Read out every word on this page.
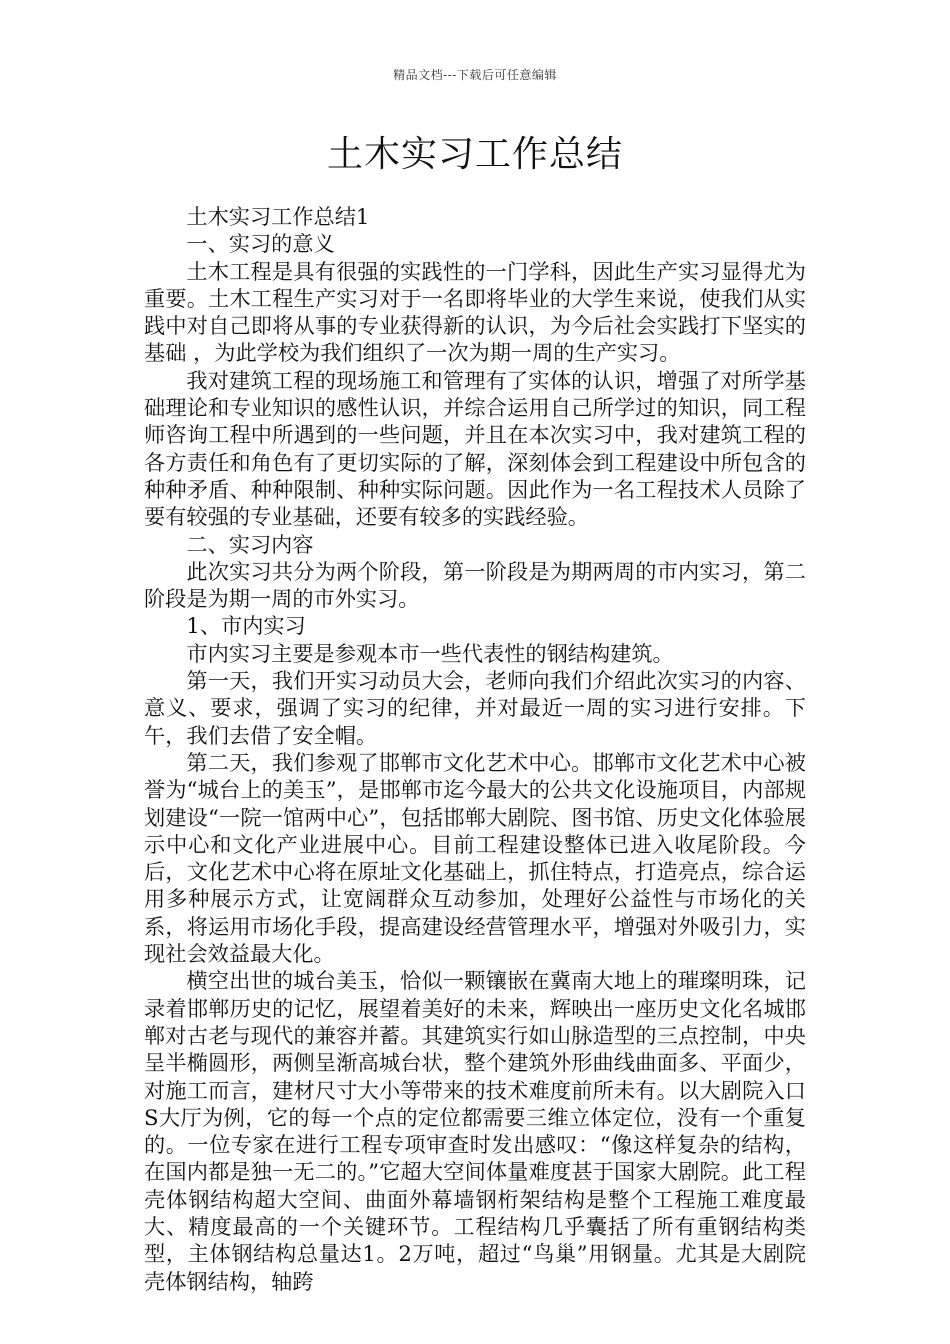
精品文档---下载后可任意编辑
土木实习工作总结

土木实习工作总结1

一、实习的意义

土木工程是具有很强的实践性的一门学科，因此生产实习显得尤为重要。土木工程生产实习对于一名即将毕业的大学生来说，使我们从实践中对自己即将从事的专业获得新的认识，为今后社会实践打下坚实的基础 ，为此学校为我们组织了一次为期一周的生产实习。

我对建筑工程的现场施工和管理有了实体的认识，增强了对所学基础理论和专业知识的感性认识，并综合运用自己所学过的知识，同工程师咨询工程中所遇到的一些问题，并且在本次实习中，我对建筑工程的各方责任和角色有了更切实际的了解，深刻体会到工程建设中所包含的种种矛盾、种种限制、种种实际问题。因此作为一名工程技术人员除了要有较强的专业基础，还要有较多的实践经验。

二、实习内容

此次实习共分为两个阶段，第一阶段是为期两周的市内实习，第二阶段是为期一周的市外实习。

1、市内实习

市内实习主要是参观本市一些代表性的钢结构建筑。

第一天，我们开实习动员大会，老师向我们介绍此次实习的内容、意义、要求，强调了实习的纪律，并对最近一周的实习进行安排。下午，我们去借了安全帽。

第二天，我们参观了邯郸市文化艺术中心。邯郸市文化艺术中心被誉为“城台上的美玉”，是邯郸市迄今最大的公共文化设施项目，内部规划建设“一院一馆两中心”，包括邯郸大剧院、图书馆、历史文化体验展示中心和文化产业进展中心。目前工程建设整体已进入收尾阶段。今后，文化艺术中心将在原址文化基础上，抓住特点，打造亮点，综合运用多种展示方式，让宽阔群众互动参加，处理好公益性与市场化的关系，将运用市场化手段，提高建设经营管理水平，增强对外吸引力，实现社会效益最大化。

横空出世的城台美玉，恰似一颗镶嵌在冀南大地上的璀璨明珠，记录着邯郸历史的记忆，展望着美好的未来，辉映出一座历史文化名城邯郸对古老与现代的兼容并蓄。其建筑实行如山脉造型的三点控制，中央呈半椭圆形，两侧呈渐高城台状，整个建筑外形曲线曲面多、平面少，对施工而言，建材尺寸大小等带来的技术难度前所未有。以大剧院入口S大厅为例，它的每一个点的定位都需要三维立体定位，没有一个重复的。一位专家在进行工程专项审查时发出感叹：“像这样复杂的结构，在国内都是独一无二的。”它超大空间体量难度甚于国家大剧院。此工程壳体钢结构超大空间、曲面外幕墙钢桁架结构是整个工程施工难度最大、精度最高的一个关键环节。工程结构几乎囊括了所有重钢结构类型，主体钢结构总量达1。2万吨，超过“鸟巢”用钢量。尤其是大剧院壳体钢结构，轴跨
